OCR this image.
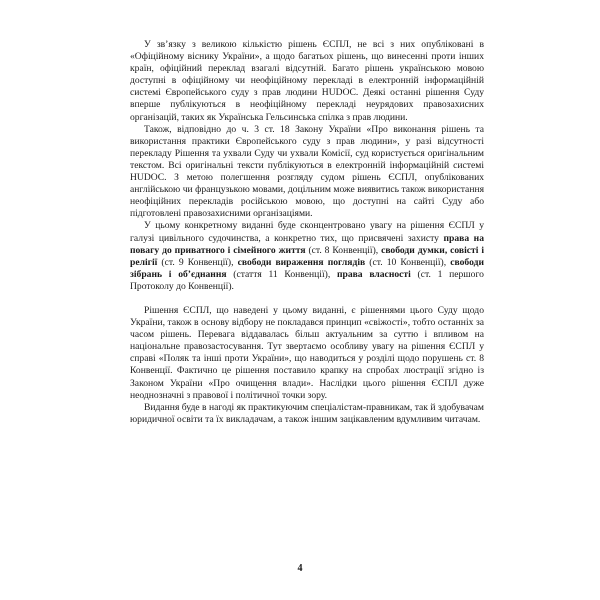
У зв’язку з великою кількістю рішень ЄСПЛ, не всі з них опубліковані в «Офіційному віснику України», а щодо багатьох рішень, що винесенні проти інших країн, офіційний переклад взагалі відсутній. Багато рішень українською мовою доступні в офіційному чи неофіційному перекладі в електронній інформаційній системі Європейського суду з прав людини HUDOC. Деякі останні рішення Суду вперше публікуються в неофіційному перекладі неурядових правозахисних організацій, таких як Українська Гельсинська спілка з прав людини.

Також, відповідно до ч. 3 ст. 18 Закону України «Про виконання рішень та використання практики Європейського суду з прав людини», у разі відсутності перекладу Рішення та ухвали Суду чи ухвали Комісії, суд користується оригінальним текстом. Всі оригінальні тексти публікуються в електронній інформаційній системі HUDOC. З метою полегшення розгляду судом рішень ЄСПЛ, опублікованих англійською чи французькою мовами, доцільним може виявитись також використання неофіційних перекладів російською мовою, що доступні на сайті Суду або підготовлені правозахисними організаціями.

У цьому конкретному виданні буде сконцентровано увагу на рішення ЄСПЛ у галузі цивільного судочинства, а конкретно тих, що присвячені захисту права на повагу до приватного і сімейного життя (ст. 8 Конвенції), свободи думки, совісті і релігії (ст. 9 Конвенції), свободи вираження поглядів (ст. 10 Конвенції), свободи зібрань і об’єднання (стаття 11 Конвенції), права власності (ст. 1 першого Протоколу до Конвенції).

Рішення ЄСПЛ, що наведені у цьому виданні, є рішеннями цього Суду щодо України, також в основу відбору не покладався принцип «свіжості», тобто останніх за часом рішень. Перевага віддавалась більш актуальним за суттю і впливом на національне правозастосування. Тут звертаємо особливу увагу на рішення ЄСПЛ у справі «Поляк та інші проти України», що наводиться у розділі щодо порушень ст. 8 Конвенції. Фактично це рішення поставило крапку на спробах люстрації згідно із Законом України «Про очищення влади». Наслідки цього рішення ЄСПЛ дуже неоднозначні з правової і політичної точки зору.

Видання буде в нагоді як практикуючим спеціалістам-правникам, так й здобувачам юридичної освіти та їх викладачам, а також іншим зацікавленим вдумливим читачам.

4
